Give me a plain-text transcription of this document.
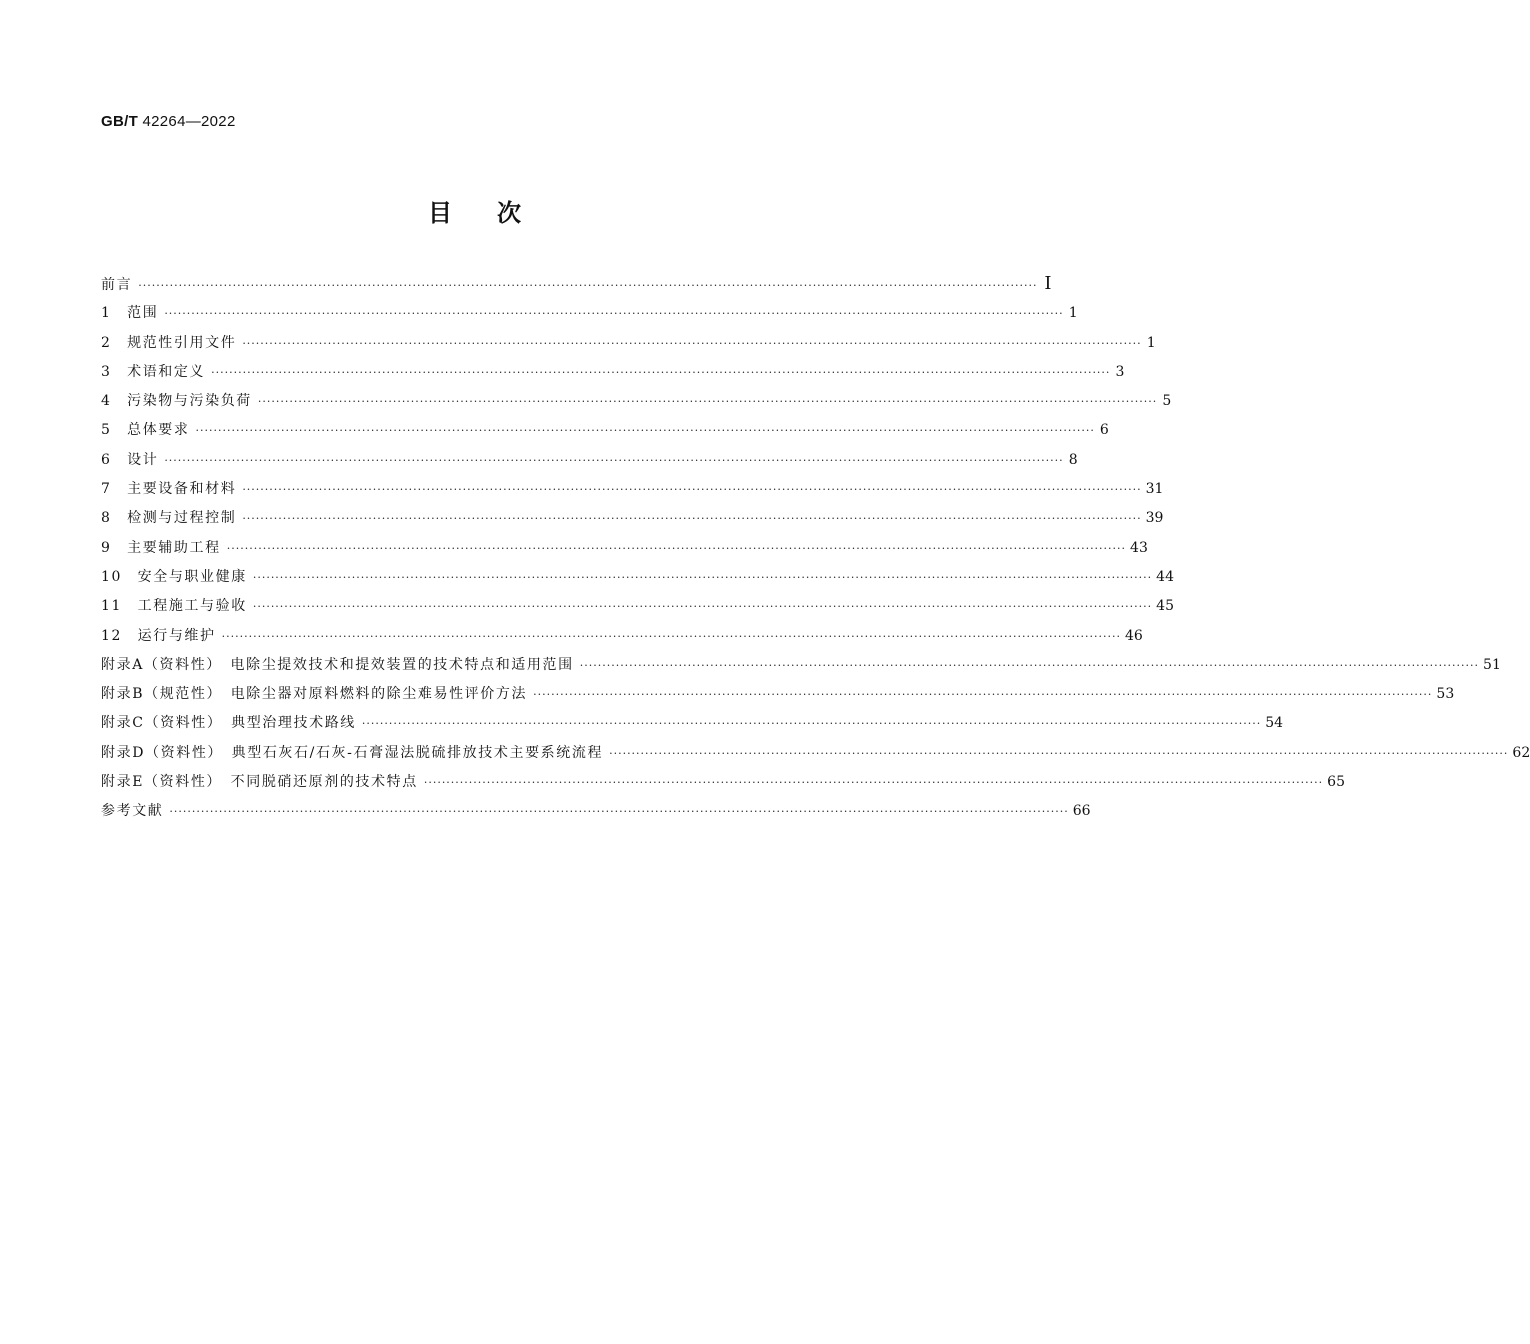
GB/T 42264—2022
目 次
前言 ········································································································································································································ Ⅰ
1　范围 ········································································································································································································ 1
2　规范性引用文件 ········································································································································································································ 1
3　术语和定义 ········································································································································································································ 3
4　污染物与污染负荷 ········································································································································································································ 5
5　总体要求 ········································································································································································································ 6
6　设计 ········································································································································································································ 8
7　主要设备和材料 ········································································································································································································ 31
8　检测与过程控制 ········································································································································································································ 39
9　主要辅助工程 ········································································································································································································ 43
10　安全与职业健康 ········································································································································································································ 44
11　工程施工与验收 ········································································································································································································ 45
12　运行与维护 ········································································································································································································ 46
附录A（资料性）　电除尘提效技术和提效装置的技术特点和适用范围 ········································································································································································································ 51
附录B（规范性）　电除尘器对原料燃料的除尘难易性评价方法 ········································································································································································································ 53
附录C（资料性）　典型治理技术路线 ········································································································································································································ 54
附录D（资料性）　典型石灰石/石灰-石膏湿法脱硫排放技术主要系统流程 ········································································································································································································ 62
附录E（资料性）　不同脱硝还原剂的技术特点 ········································································································································································································ 65
参考文献 ········································································································································································································ 66
